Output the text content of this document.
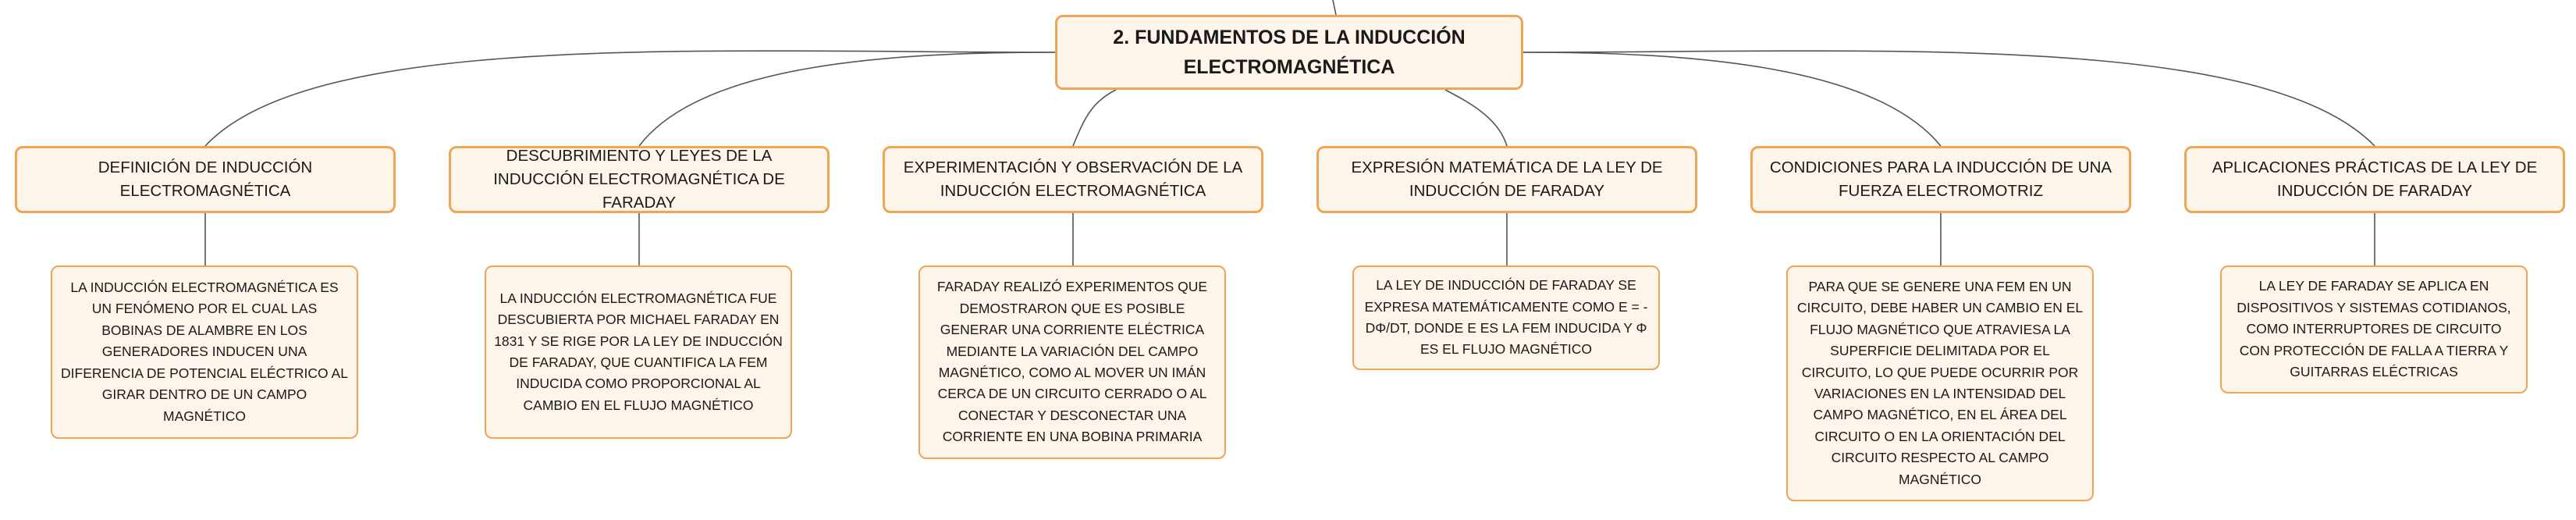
2. FUNDAMENTOS DE LA INDUCCIÓN ELECTROMAGNÉTICA
DEFINICIÓN DE INDUCCIÓN ELECTROMAGNÉTICA
DESCUBRIMIENTO Y LEYES DE LA INDUCCIÓN ELECTROMAGNÉTICA DE FARADAY
EXPERIMENTACIÓN Y OBSERVACIÓN DE LA INDUCCIÓN ELECTROMAGNÉTICA
EXPRESIÓN MATEMÁTICA DE LA LEY DE INDUCCIÓN DE FARADAY
CONDICIONES PARA LA INDUCCIÓN DE UNA FUERZA ELECTROMOTRIZ
APLICACIONES PRÁCTICAS DE LA LEY DE INDUCCIÓN DE FARADAY
LA INDUCCIÓN ELECTROMAGNÉTICA ES UN FENÓMENO POR EL CUAL LAS BOBINAS DE ALAMBRE EN LOS GENERADORES INDUCEN UNA DIFERENCIA DE POTENCIAL ELÉCTRICO AL GIRAR DENTRO DE UN CAMPO MAGNÉTICO
LA INDUCCIÓN ELECTROMAGNÉTICA FUE DESCUBIERTA POR MICHAEL FARADAY EN 1831 Y SE RIGE POR LA LEY DE INDUCCIÓN DE FARADAY, QUE CUANTIFICA LA FEM INDUCIDA COMO PROPORCIONAL AL CAMBIO EN EL FLUJO MAGNÉTICO
FARADAY REALIZÓ EXPERIMENTOS QUE DEMOSTRARON QUE ES POSIBLE GENERAR UNA CORRIENTE ELÉCTRICA MEDIANTE LA VARIACIÓN DEL CAMPO MAGNÉTICO, COMO AL MOVER UN IMÁN CERCA DE UN CIRCUITO CERRADO O AL CONECTAR Y DESCONECTAR UNA CORRIENTE EN UNA BOBINA PRIMARIA
LA LEY DE INDUCCIÓN DE FARADAY SE EXPRESA MATEMÁTICAMENTE COMO E = -DΦ/DT, DONDE E ES LA FEM INDUCIDA Y Φ ES EL FLUJO MAGNÉTICO
PARA QUE SE GENERE UNA FEM EN UN CIRCUITO, DEBE HABER UN CAMBIO EN EL FLUJO MAGNÉTICO QUE ATRAVIESA LA SUPERFICIE DELIMITADA POR EL CIRCUITO, LO QUE PUEDE OCURRIR POR VARIACIONES EN LA INTENSIDAD DEL CAMPO MAGNÉTICO, EN EL ÁREA DEL CIRCUITO O EN LA ORIENTACIÓN DEL CIRCUITO RESPECTO AL CAMPO MAGNÉTICO
LA LEY DE FARADAY SE APLICA EN DISPOSITIVOS Y SISTEMAS COTIDIANOS, COMO INTERRUPTORES DE CIRCUITO CON PROTECCIÓN DE FALLA A TIERRA Y GUITARRAS ELÉCTRICAS
